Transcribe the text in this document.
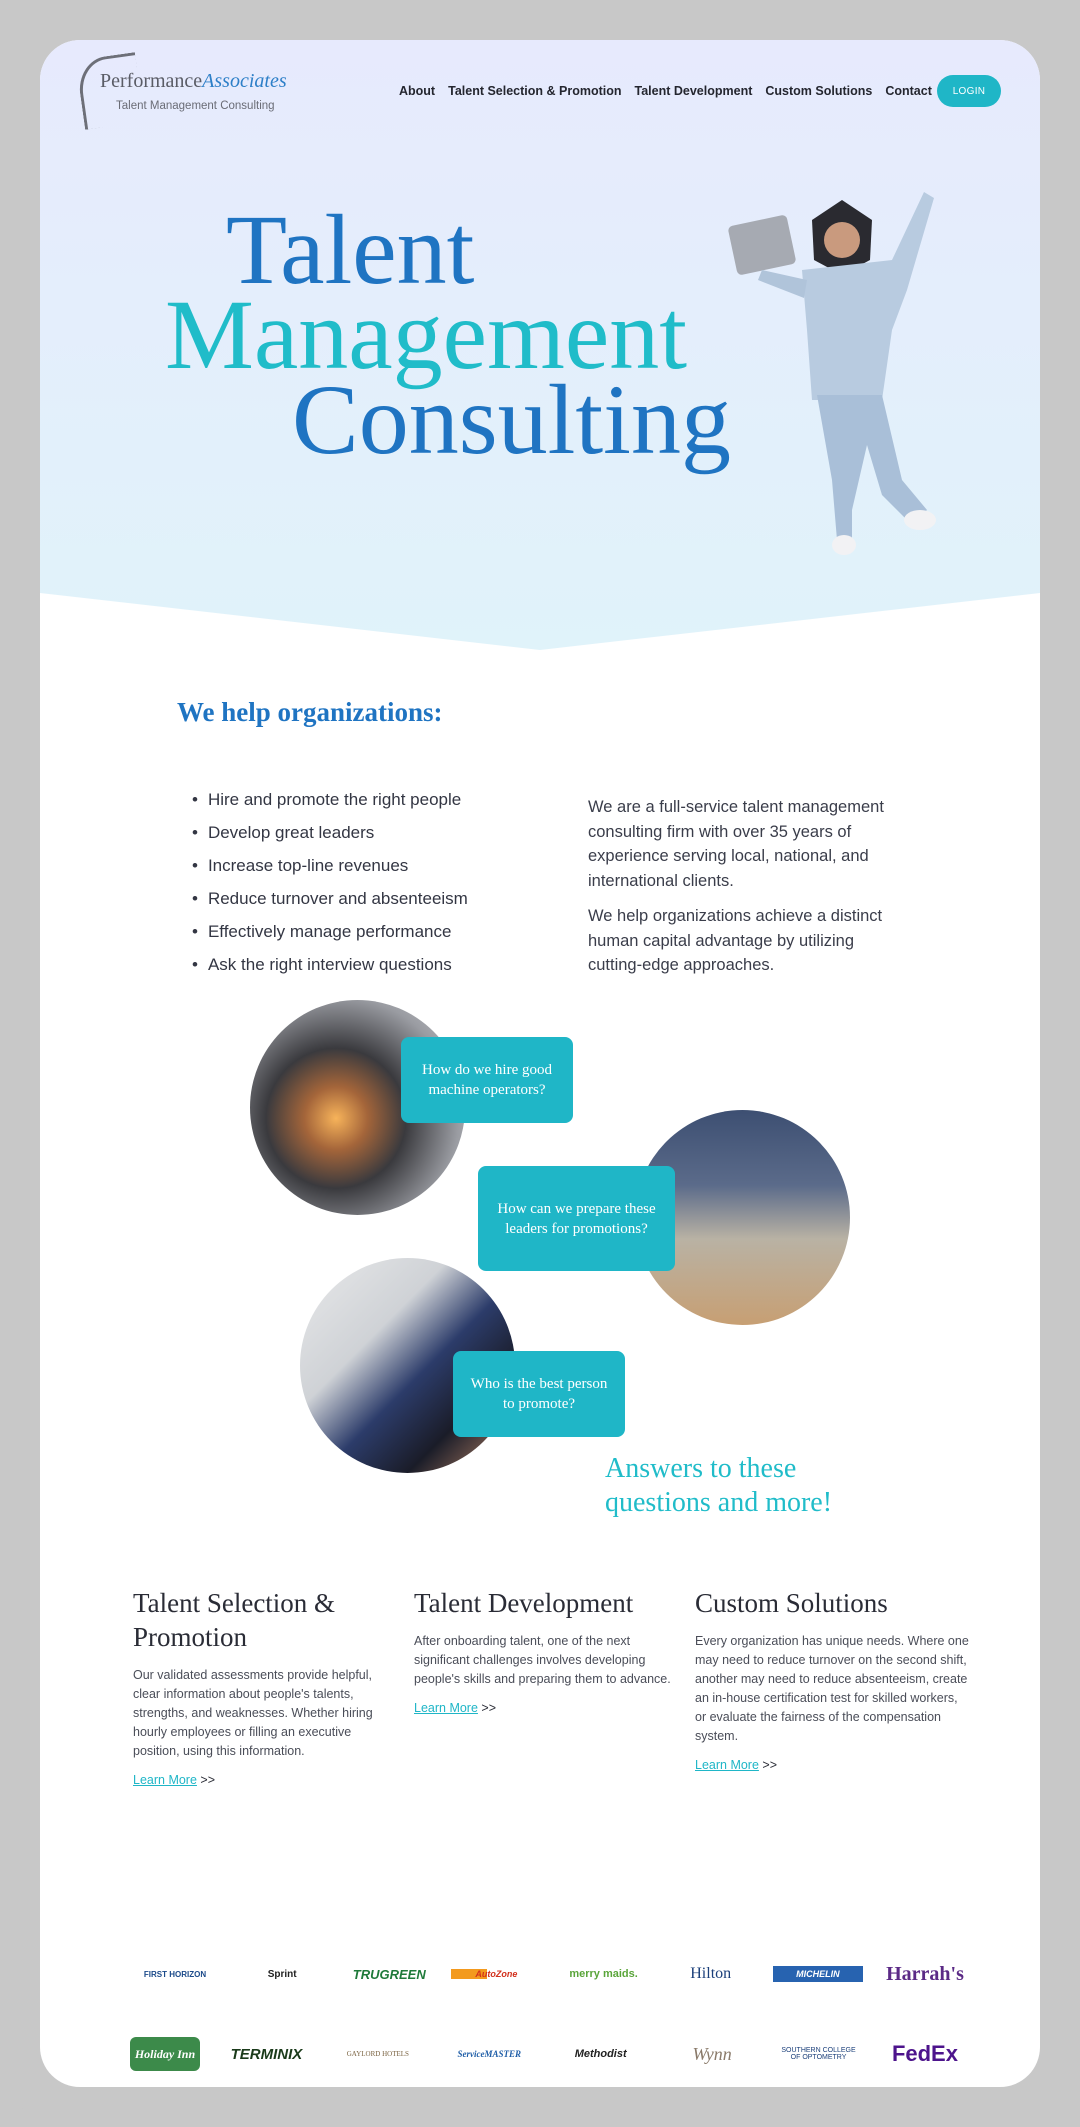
PerformanceAssociates
Talent Management Consulting
About Talent Selection & Promotion Talent Development Custom Solutions Contact	LOGIN
Talent
Management
Consulting
We help organizations:
• Hire and promote the right people
• Develop great leaders
• Increase top-line revenues
• Reduce turnover and absenteeism
• Effectively manage performance
• Ask the right interview questions

We are a full-service talent management consulting firm with over 35 years of experience serving local, national, and international clients.

We help organizations achieve a distinct human capital advantage by utilizing cutting-edge approaches.

How do we hire good machine operators?
How can we prepare these leaders for promotions?
Who is the best person to promote?
Answers to these questions and more!
Talent Selection & Promotion

Our validated assessments provide helpful, clear information about people's talents, strengths, and weaknesses. Whether hiring hourly employees or filling an executive position, using this information.

Learn More >>
Talent Development

After onboarding talent, one of the next significant challenges involves developing people's skills and preparing them to advance.

Learn More >>
Custom Solutions

Every organization has unique needs. Where one may need to reduce turnover on the second shift, another may need to reduce absenteeism, create an in-house certification test for skilled workers, or evaluate the fairness of the compensation system.

Learn More >>
FIRST HORIZON	Sprint	TRUGREEN	AutoZone	merry maids.	Hilton	MICHELIN	Harrah's
Holiday Inn	TERMINIX	GAYLORD HOTELS	ServiceMASTER	Methodist	Wynn	SOUTHERN COLLEGE OF OPTOMETRY	FedEx
